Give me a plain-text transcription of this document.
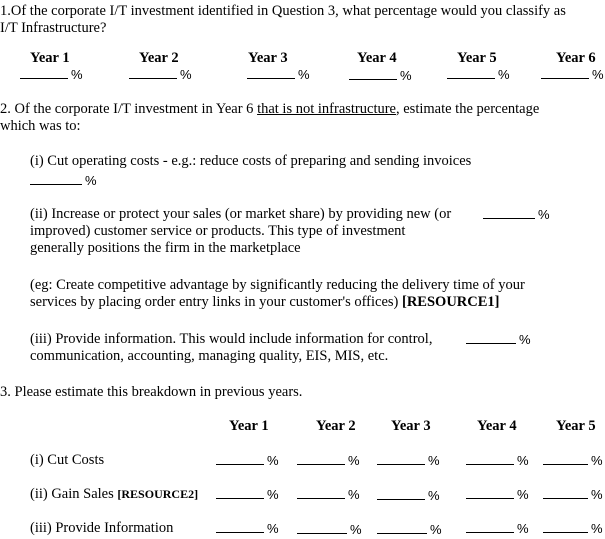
1.Of the corporate I/T investment identified in Question 3, what percentage would you classify as
I/T Infrastructure?
Year 1	Year 2	Year 3	Year 4	Year 5	Year 6
%	%	%	%	%	%
2. Of the corporate I/T investment in Year 6 that is not infrastructure, estimate the percentage
which was to:
(i) Cut operating costs - e.g.: reduce costs of preparing and sending invoices
%
(ii) Increase or protect your sales (or market share) by providing new (or	%
improved) customer service or products. This type of investment
generally positions the firm in the marketplace
(eg: Create competitive advantage by significantly reducing the delivery time of your
services by placing order entry links in your customer's offices) [RESOURCE1]
(iii) Provide information. This would include information for control,	%
communication, accounting, managing quality, EIS, MIS, etc.
3. Please estimate this breakdown in previous years.
Year 1	Year 2 Year 3	Year 4	Year 5
(i) Cut Costs	%	%	%	%	%
(ii) Gain Sales [RESOURCE2]	%	%	%	%	%
(iii) Provide Information	%	%	%	%	%
